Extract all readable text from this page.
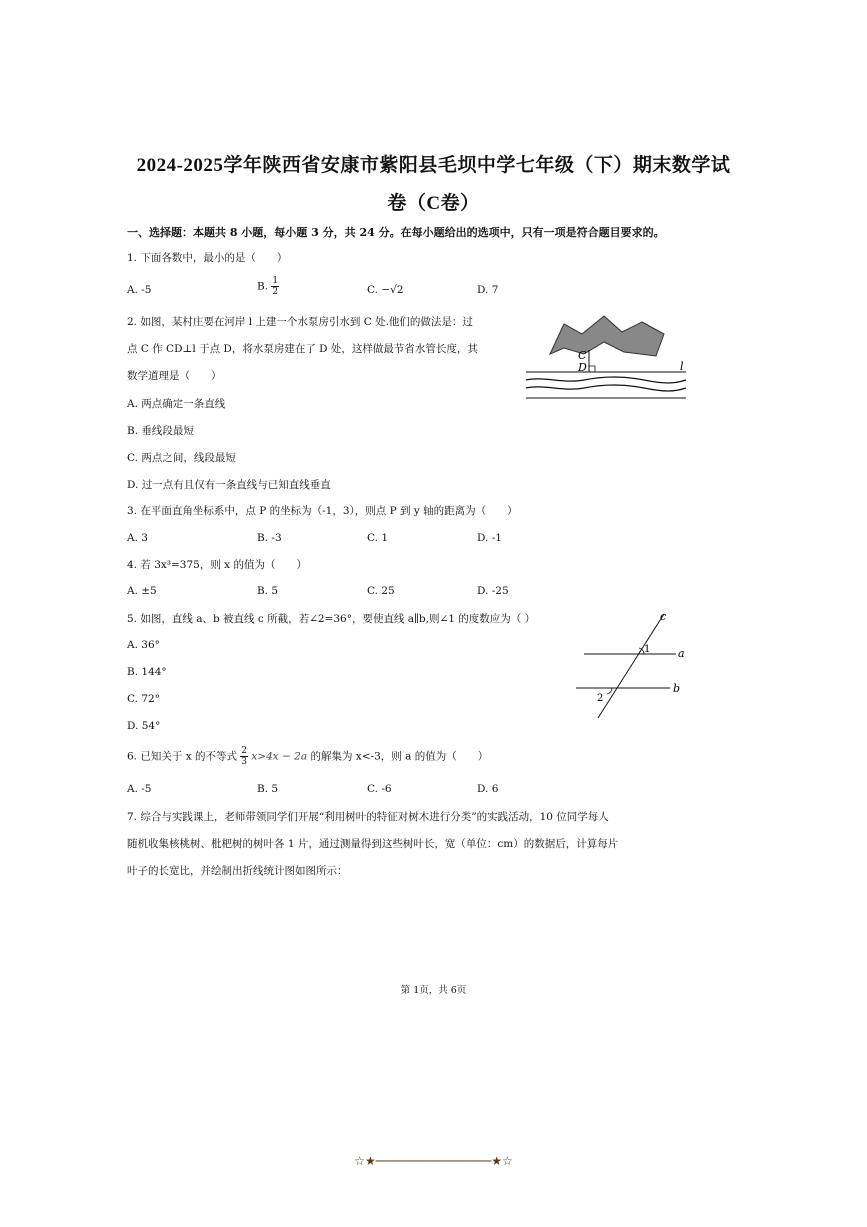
2024-2025学年陕西省安康市紫阳县毛坝中学七年级（下）期末数学试
卷（C卷）
一、选择题：本题共 8 小题，每小题 3 分，共 24 分。在每小题给出的选项中，只有一项是符合题目要求的。
1. 下面各数中，最小的是（　　）
A. -5	B. $\frac{1}{2}$	C. −√2	D. 7
2. 如图，某村庄要在河岸 l 上建一个水泵房引水到 C 处.他们的做法是：过
点 C 作 CD⊥l 于点 D，将水泵房建在了 D 处，这样做最节省水管长度，其
数学道理是（　　）
A. 两点确定一条直线
B. 垂线段最短
C. 两点之间，线段最短
D. 过一点有且仅有一条直线与已知直线垂直
C
D	l
3. 在平面直角坐标系中，点 P 的坐标为（-1，3），则点 P 到 y 轴的距离为（　　）
A. 3	B. -3	C. 1	D. -1
4. 若 3x³=375，则 x 的值为（　　）
A. ±5	B. 5	C. 25	D. -25
5. 如图，直线 a、b 被直线 c 所截，若∠2=36°，要使直线 a∥b,则∠1 的度数应为（ ）
A. 36°
B. 144°
C. 72°
D. 54°
c
a
b
1
2
6. 已知关于 x 的不等式 $\frac{2}{3} x>4x - 2a$ 的解集为 x<-3，则 a 的值为（　　）
A. -5	B. 5	C. -6	D. 6
7. 综合与实践课上，老师带领同学们开展“利用树叶的特征对树木进行分类”的实践活动，10 位同学每人
随机收集核桃树、枇杷树的树叶各 1 片，通过测量得到这些树叶长，宽（单位：cm）的数据后，计算每片
叶子的长宽比，并绘制出折线统计图如图所示：
第 1页，共 6页
☆★────────────────★☆
